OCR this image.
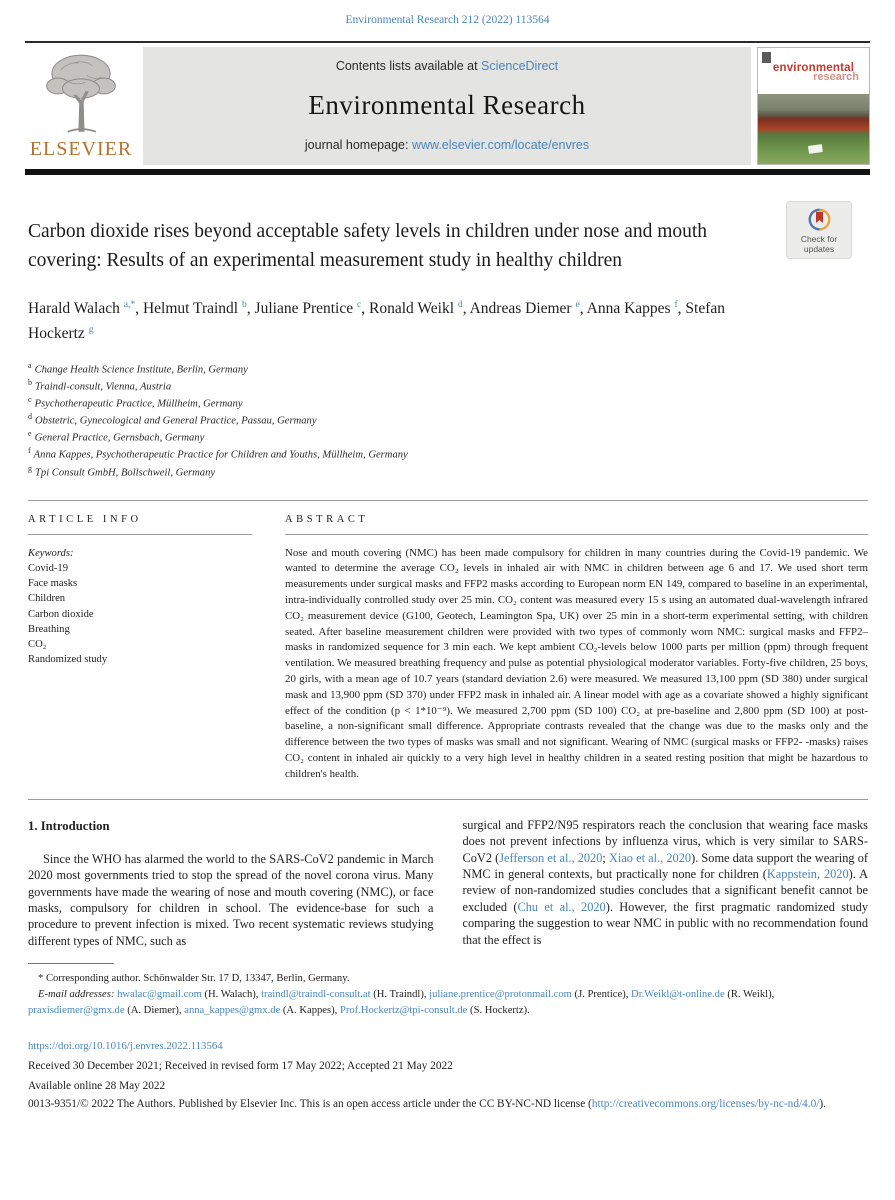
Environmental Research 212 (2022) 113564
ELSEVIER
Contents lists available at ScienceDirect
Environmental Research
journal homepage: www.elsevier.com/locate/envres
environmental
research
Carbon dioxide rises beyond acceptable safety levels in children under nose and mouth covering: Results of an experimental measurement study in healthy children
Check for updates
Harald Walach $^{a,*}$, Helmut Traindl $^b$, Juliane Prentice $^c$, Ronald Weikl $^d$, Andreas Diemer $^e$, Anna Kappes $^f$, Stefan Hockertz $^g$
$^a$ Change Health Science Institute, Berlin, Germany
$^b$ Traindl-consult, Vienna, Austria
$^c$ Psychotherapeutic Practice, Müllheim, Germany
$^d$ Obstetric, Gynecological and General Practice, Passau, Germany
$^e$ General Practice, Gernsbach, Germany
$^f$ Anna Kappes, Psychotherapeutic Practice for Children and Youths, Müllheim, Germany
$^g$ Tpi Consult GmbH, Bollschweil, Germany
ARTICLE INFO
Keywords:
Covid-19
Face masks
Children
Carbon dioxide
Breathing
CO₂
Randomized study
ABSTRACT

Nose and mouth covering (NMC) has been made compulsory for children in many countries during the Covid-19 pandemic. We wanted to determine the average CO₂ levels in inhaled air with NMC in children between age 6 and 17. We used short term measurements under surgical masks and FFP2 masks according to European norm EN 149, compared to baseline in an experimental, intra-individually controlled study over 25 min. CO₂ content was measured every 15 s using an automated dual-wavelength infrared CO₂ measurement device (G100, Geotech, Leamington Spa, UK) over 25 min in a short-term experimental setting, with children seated. After baseline measurement children were provided with two types of commonly worn NMC: surgical masks and FFP2–masks in randomized sequence for 3 min each. We kept ambient CO₂-levels below 1000 parts per million (ppm) through frequent ventilation. We measured breathing frequency and pulse as potential physiological moderator variables. Forty-five children, 25 boys, 20 girls, with a mean age of 10.7 years (standard deviation 2.6) were measured. We measured 13,100 ppm (SD 380) under surgical mask and 13,900 ppm (SD 370) under FFP2 mask in inhaled air. A linear model with age as a covariate showed a highly significant effect of the condition (p < 1*10⁻⁹). We measured 2,700 ppm (SD 100) CO₂ at pre-baseline and 2,800 ppm (SD 100) at post-baseline, a non-significant small difference. Appropriate contrasts revealed that the change was due to the masks only and the difference between the two types of masks was small and not significant. Wearing of NMC (surgical masks or FFP2- -masks) raises CO₂ content in inhaled air quickly to a very high level in healthy children in a seated resting position that might be hazardous to children's health.

1. Introduction

Since the WHO has alarmed the world to the SARS-CoV2 pandemic in March 2020 most governments tried to stop the spread of the novel corona virus. Many governments have made the wearing of nose and mouth covering (NMC), or face masks, compulsory for children in school. The evidence-base for such a procedure to prevent infection is mixed. Two recent systematic reviews studying different types of NMC, such as

surgical and FFP2/N95 respirators reach the conclusion that wearing face masks does not prevent infections by influenza virus, which is very similar to SARS-CoV2 (Jefferson et al., 2020; Xiao et al., 2020). Some data support the wearing of NMC in general contexts, but practically none for children (Kappstein, 2020). A review of non-randomized studies concludes that a significant benefit cannot be excluded (Chu et al., 2020). However, the first pragmatic randomized study comparing the suggestion to wear NMC in public with no recommendation found that the effect is

* Corresponding author. Schönwalder Str. 17 D, 13347, Berlin, Germany.
E-mail addresses: hwalac@gmail.com (H. Walach), traindl@traindl-consult.at (H. Traindl), juliane.prentice@protonmail.com (J. Prentice), Dr.Weikl@t-online.de (R. Weikl), praxisdiemer@gmx.de (A. Diemer), anna_kappes@gmx.de (A. Kappes), Prof.Hockertz@tpi-consult.de (S. Hockertz).
https://doi.org/10.1016/j.envres.2022.113564
Received 30 December 2021; Received in revised form 17 May 2022; Accepted 21 May 2022
Available online 28 May 2022
0013-9351/© 2022 The Authors. Published by Elsevier Inc. This is an open access article under the CC BY-NC-ND license (http://creativecommons.org/licenses/by-nc-nd/4.0/).
